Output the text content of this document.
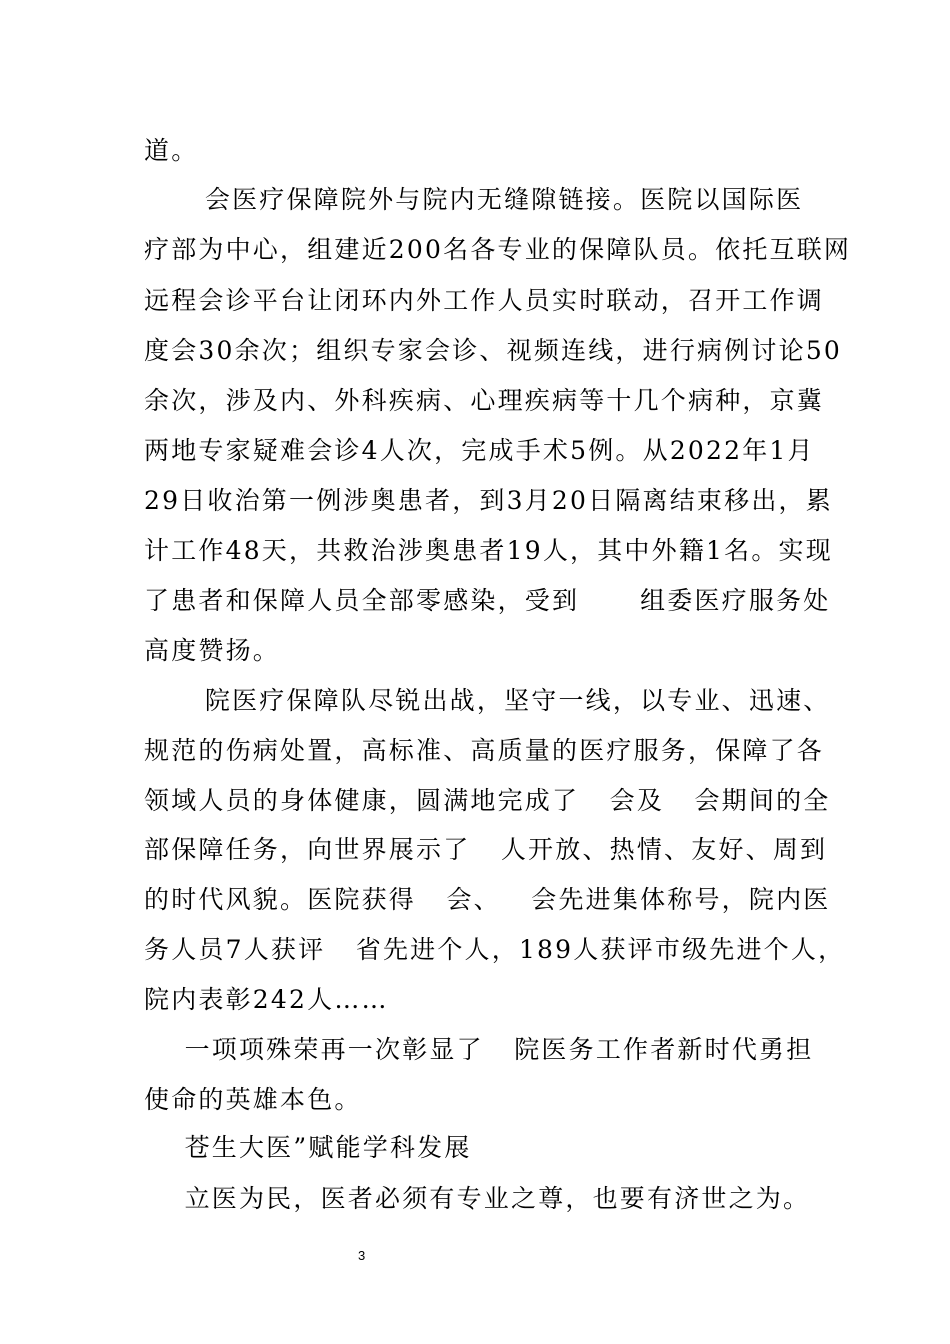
道。
会医疗保障院外与院内无缝隙链接。医院以国际医
疗部为中心，组建近200名各专业的保障队员。依托互联网
远程会诊平台让闭环内外工作人员实时联动，召开工作调
度会30余次；组织专家会诊、视频连线，进行病例讨论50
余次，涉及内、外科疾病、心理疾病等十几个病种，京冀
两地专家疑难会诊4人次，完成手术5例。从2022年1月
29日收治第一例涉奥患者，到3月20日隔离结束移出，累
计工作48天，共救治涉奥患者19人，其中外籍1名。实现
了患者和保障人员全部零感染，受到      组委医疗服务处
高度赞扬。
院医疗保障队尽锐出战，坚守一线，以专业、迅速、
规范的伤病处置，高标准、高质量的医疗服务，保障了各
领域人员的身体健康，圆满地完成了   会及   会期间的全
部保障任务，向世界展示了   人开放、热情、友好、周到
的时代风貌。医院获得   会、   会先进集体称号，院内医
务人员7人获评   省先进个人，189人获评市级先进个人，
院内表彰242人……
一项项殊荣再一次彰显了   院医务工作者新时代勇担
使命的英雄本色。
苍生大医”赋能学科发展
立医为民，医者必须有专业之尊，也要有济世之为。
3
